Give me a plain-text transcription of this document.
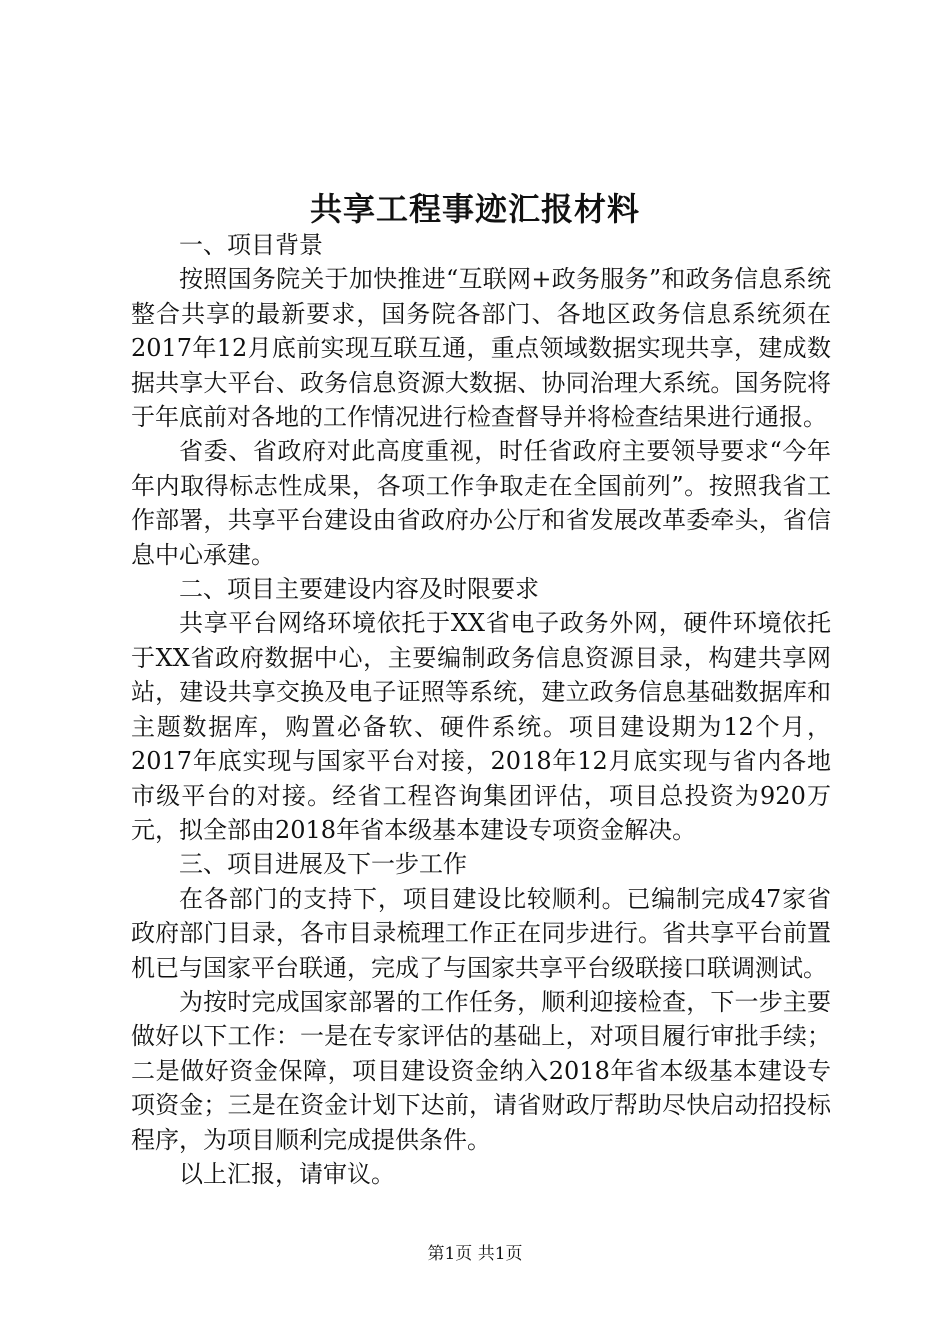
共享工程事迹汇报材料

一、项目背景

按照国务院关于加快推进“互联网+政务服务”和政务信息系统整合共享的最新要求，国务院各部门、各地区政务信息系统须在2017年12月底前实现互联互通，重点领域数据实现共享，建成数据共享大平台、政务信息资源大数据、协同治理大系统。国务院将于年底前对各地的工作情况进行检查督导并将检查结果进行通报。

省委、省政府对此高度重视，时任省政府主要领导要求“今年年内取得标志性成果，各项工作争取走在全国前列”。按照我省工作部署，共享平台建设由省政府办公厅和省发展改革委牵头，省信息中心承建。

二、项目主要建设内容及时限要求

共享平台网络环境依托于XX省电子政务外网，硬件环境依托于XX省政府数据中心，主要编制政务信息资源目录，构建共享网站，建设共享交换及电子证照等系统，建立政务信息基础数据库和主题数据库，购置必备软、硬件系统。项目建设期为12个月，2017年底实现与国家平台对接，2018年12月底实现与省内各地市级平台的对接。经省工程咨询集团评估，项目总投资为920万元，拟全部由2018年省本级基本建设专项资金解决。

三、项目进展及下一步工作

在各部门的支持下，项目建设比较顺利。已编制完成47家省政府部门目录，各市目录梳理工作正在同步进行。省共享平台前置机已与国家平台联通，完成了与国家共享平台级联接口联调测试。

为按时完成国家部署的工作任务，顺利迎接检查，下一步主要做好以下工作：一是在专家评估的基础上，对项目履行审批手续；二是做好资金保障，项目建设资金纳入2018年省本级基本建设专项资金；三是在资金计划下达前，请省财政厅帮助尽快启动招投标程序，为项目顺利完成提供条件。

以上汇报，请审议。

第1页 共1页
